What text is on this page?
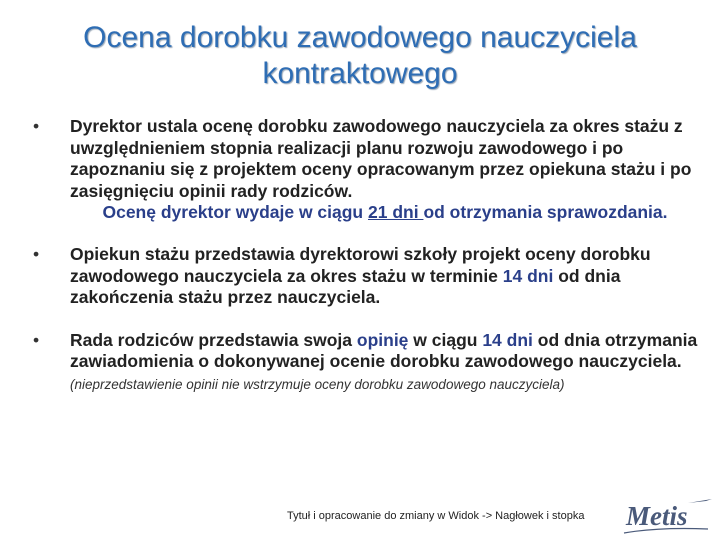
Ocena dorobku zawodowego nauczyciela
kontraktowego
• Dyrektor ustala ocenę dorobku zawodowego nauczyciela za okres stażu z uwzględnieniem stopnia realizacji planu rozwoju zawodowego i po zapoznaniu się z projektem oceny opracowanym przez opiekuna stażu i po zasięgnięciu opinii rady rodziców.
Ocenę dyrektor wydaje w ciągu 21 dni od otrzymania sprawozdania.
• Opiekun stażu przedstawia dyrektorowi szkoły projekt oceny dorobku zawodowego nauczyciela za okres stażu w terminie 14 dni od dnia zakończenia stażu przez nauczyciela.
• Rada rodziców przedstawia swoja opinię w ciągu 14 dni od dnia otrzymania zawiadomienia o dokonywanej ocenie dorobku zawodowego nauczyciela. (nieprzedstawienie opinii nie wstrzymuje oceny dorobku zawodowego nauczyciela)
Tytuł i opracowanie do zmiany w Widok -> Nagłowek i stopka Metis
